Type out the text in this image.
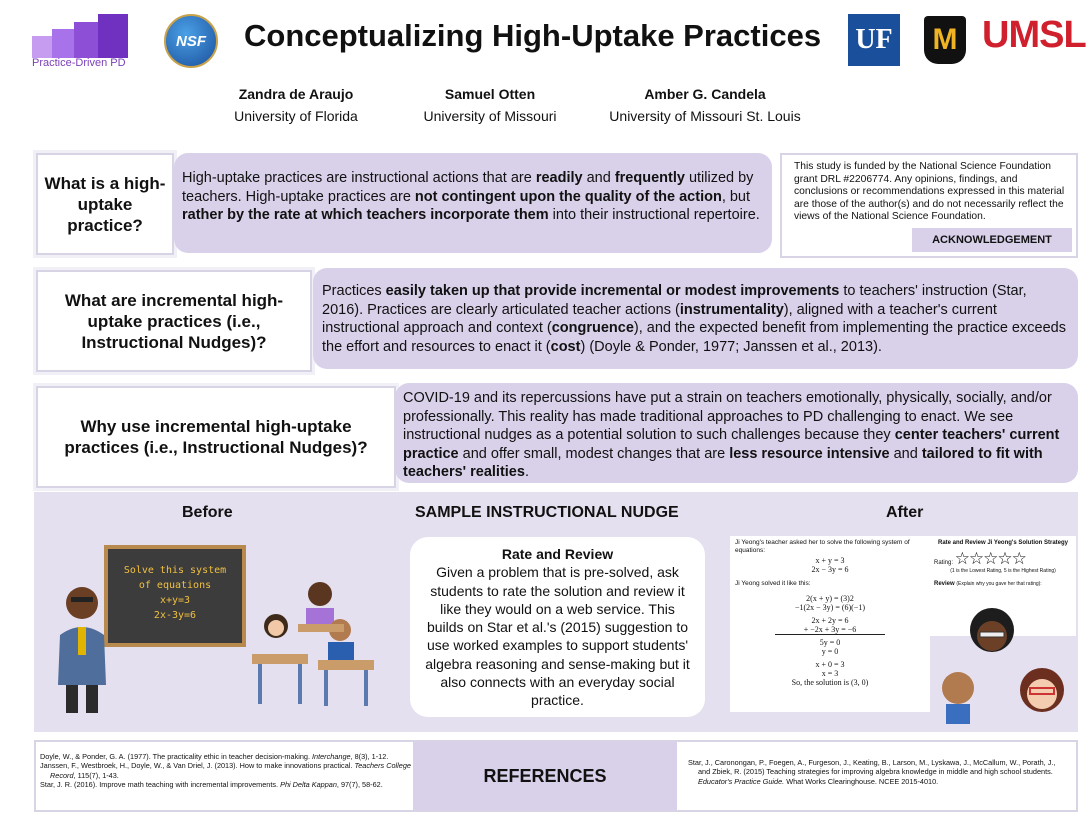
Practice-Driven PD
NSF	Conceptualizing High-Uptake Practices UF M UMSL
Zandra de Araujo
University of Florida
Samuel Otten
University of Missouri
Amber G. Candela
University of Missouri St. Louis
What is a high-uptake practice?
High-uptake practices are instructional actions that are readily and frequently utilized by teachers. High-uptake practices are not contingent upon the quality of the action, but rather by the rate at which teachers incorporate them into their instructional repertoire.
This study is funded by the National Science Foundation grant DRL #2206774. Any opinions, findings, and conclusions or recommendations expressed in this material are those of the author(s) and do not necessarily reflect the views of the National Science Foundation.
ACKNOWLEDGEMENT
What are incremental high-uptake practices (i.e., Instructional Nudges)?
Practices easily taken up that provide incremental or modest improvements to teachers' instruction (Star, 2016). Practices are clearly articulated teacher actions (instrumentality), aligned with a teacher's current instructional approach and context (congruence), and the expected benefit from implementing the practice exceeds the effort and resources to enact it (cost) (Doyle & Ponder, 1977; Janssen et al., 2013).
Why use incremental high-uptake practices (i.e., Instructional Nudges)?
COVID-19 and its repercussions have put a strain on teachers emotionally, physically, socially, and/or professionally. This reality has made traditional approaches to PD challenging to enact. We see instructional nudges as a potential solution to such challenges because they center teachers' current practice and offer small, modest changes that are less resource intensive and tailored to fit with teachers' realities.
Before	SAMPLE INSTRUCTIONAL NUDGE	After
Solve this system
of equations
x+y=3
2x-3y=6
Rate and Review
Given a problem that is pre-solved, ask students to rate the solution and review it like they would on a web service. This builds on Star et al.'s (2015) suggestion to use worked examples to support students' algebra reasoning and sense-making but it also connects with an everyday social practice.
Ji Yeong's teacher asked her to solve the following system of equations:
x + y = 3
2x − 3y = 6
Ji Yeong solved it like this:
2(x + y) = (3)2
−1(2x − 3y) = (6)(−1)
2x + 2y = 6
+ −2x + 3y = −6
5y = 0
y = 0
x + 0 = 3
x = 3
So, the solution is (3, 0)
Rate and Review Ji Yeong's Solution Strategy
Rating: ☆☆☆☆☆
(1 is the Lowest Rating, 5 is the Highest Rating)
Review (Explain why you gave her that rating):
Doyle, W., & Ponder, G. A. (1977). The practicality ethic in teacher decision-making. Interchange, 8(3), 1-12.
Janssen, F., Westbroek, H., Doyle, W., & Van Driel, J. (2013). How to make innovations practical. Teachers College Record, 115(7), 1-43.
Star, J. R. (2016). Improve math teaching with incremental improvements. Phi Delta Kappan, 97(7), 58-62.	REFERENCES
Star, J., Caronongan, P., Foegen, A., Furgeson, J., Keating, B., Larson, M., Lyskawa, J., McCallum, W., Porath, J., and Zbiek, R. (2015) Teaching strategies for improving algebra knowledge in middle and high school students. Educator's Practice Guide. What Works Clearinghouse. NCEE 2015-4010.
